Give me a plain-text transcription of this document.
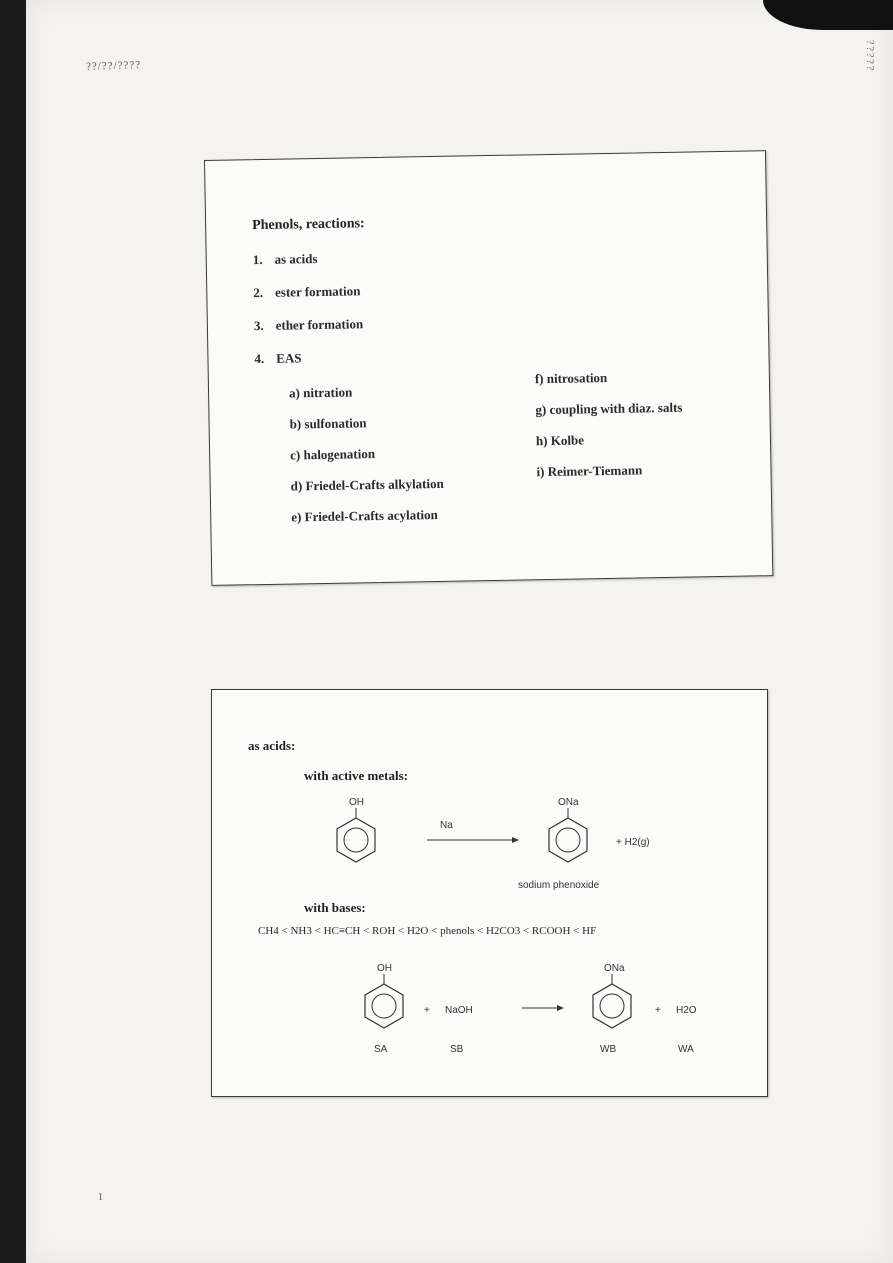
??/??/????	?????
Phenols, reactions:
1. as acids
2. ester formation
3. ether formation
4. EAS
a) nitration
b) sulfonation
c) halogenation
d) Friedel-Crafts alkylation
e) Friedel-Crafts acylation
f) nitrosation
g) coupling with diaz. salts
h) Kolbe
i) Reimer-Tiemann
as acids:
with active metals:
OH
Na
ONa
+ H2(g)
sodium phenoxide
OH
+ NaOH
ONa
+ H2O
SA	SB	WB	WA
with bases:
CH4 < NH3 < HC≡CH < ROH < H2O < phenols < H2CO3 < RCOOH < HF
1
